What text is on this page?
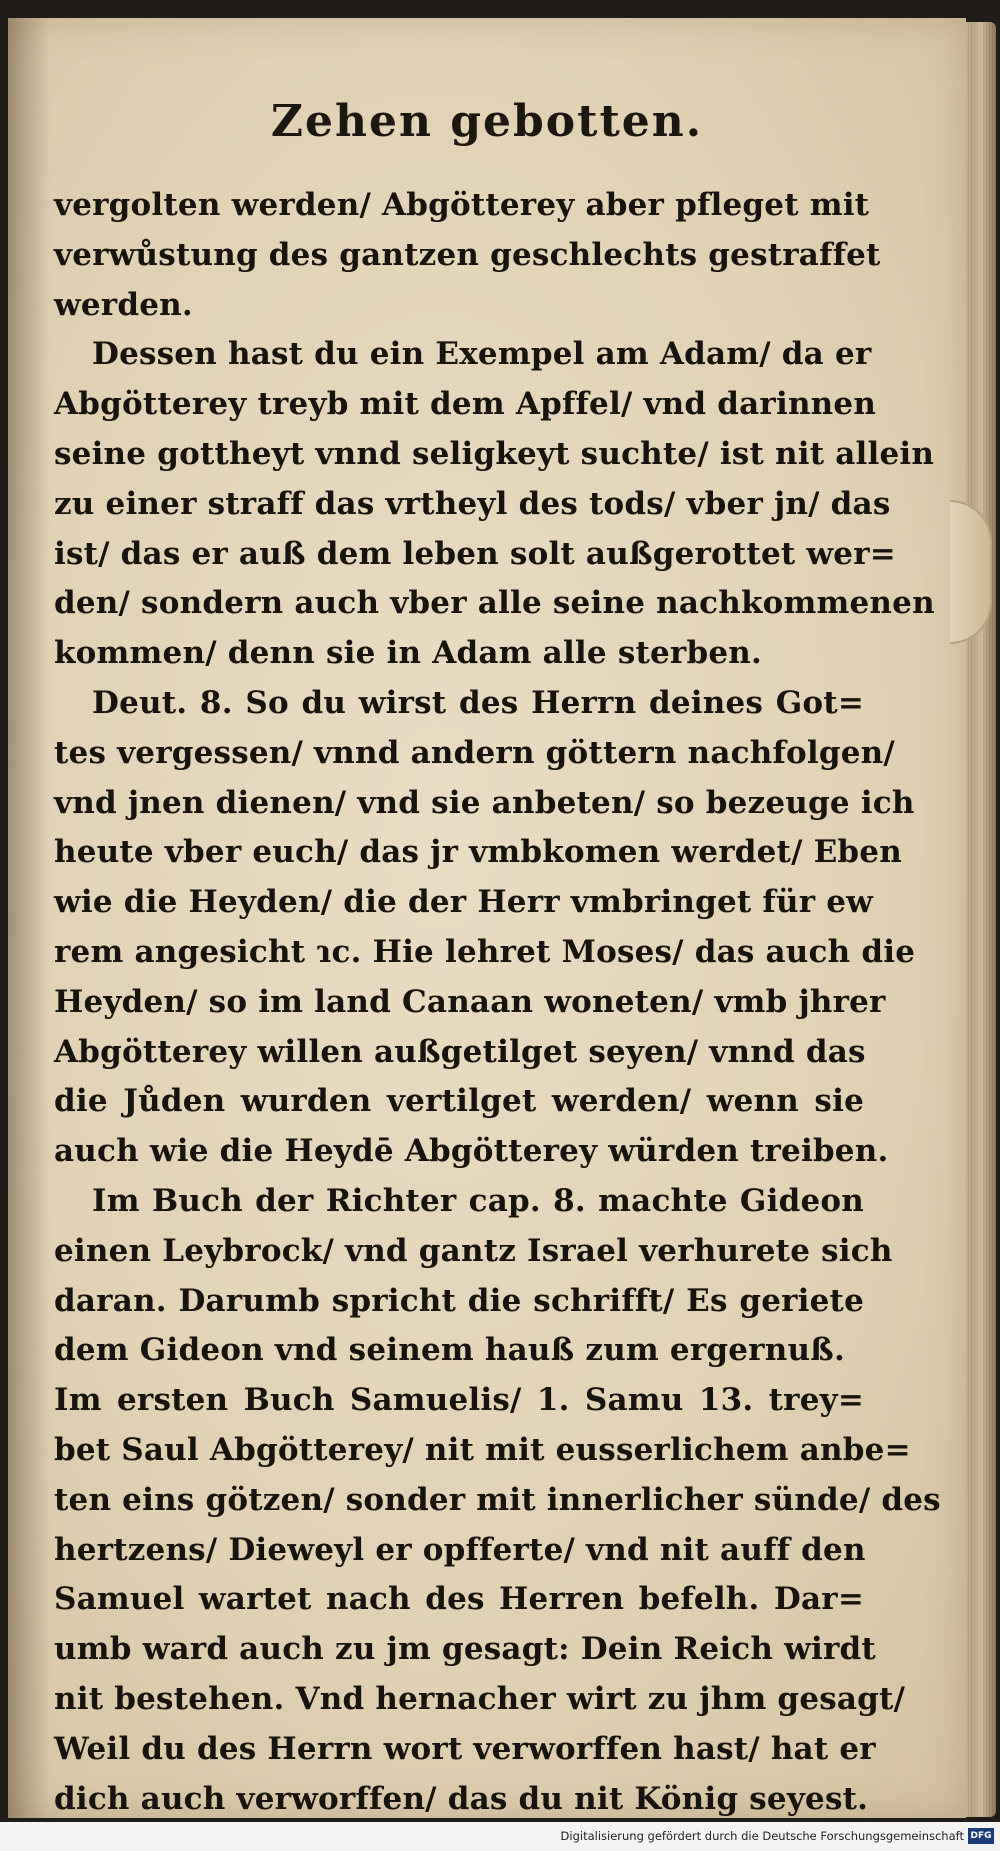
Zehen gebotten.
vergolten werden/ Abgötterey aber pfleget mit
verwůstung des gantzen geschlechts gestraffet
werden.
Dessen hast du ein Exempel am Adam/ da er
Abgötterey treyb mit dem Apffel/ vnd darinnen
seine gottheyt vnnd seligkeyt suchte/ ist nit allein
zu einer straff das vrtheyl des tods/ vber jn/ das
ist/ das er auß dem leben solt außgerottet wer=
den/ sondern auch vber alle seine nachkommenen
kommen/ denn sie in Adam alle sterben.
Deut. 8. So du wirst des Herrn deines Got=
tes vergessen/ vnnd andern göttern nachfolgen/
vnd jnen dienen/ vnd sie anbeten/ so bezeuge ich
heute vber euch/ das jr vmbkomen werdet/ Eben
wie die Heyden/ die der Herr vmbringet für ew
rem angesicht ɿc. Hie lehret Moses/ das auch die
Heyden/ so im land Canaan woneten/ vmb jhrer
Abgötterey willen außgetilget seyen/ vnnd das
die Jůden wurden vertilget werden/ wenn sie
auch wie die Heydē Abgötterey würden treiben.
Im Buch der Richter cap. 8. machte Gideon
einen Leybrock/ vnd gantz Israel verhurete sich
daran. Darumb spricht die schrifft/ Es geriete
dem Gideon vnd seinem hauß zum ergernuß.
Im ersten Buch Samuelis/ 1. Samu 13. trey=
bet Saul Abgötterey/ nit mit eusserlichem anbe=
ten eins götzen/ sonder mit innerlicher sünde/ des
hertzens/ Dieweyl er opfferte/ vnd nit auff den
Samuel wartet nach des Herren befelh. Dar=
umb ward auch zu jm gesagt: Dein Reich wirdt
nit bestehen. Vnd hernacher wirt zu jhm gesagt/
Weil du des Herrn wort verworffen hast/ hat er
dich auch verworffen/ das du nit König seyest.
Digitalisierung gefördert durch die Deutsche Forschungsgemeinschaft DFG
